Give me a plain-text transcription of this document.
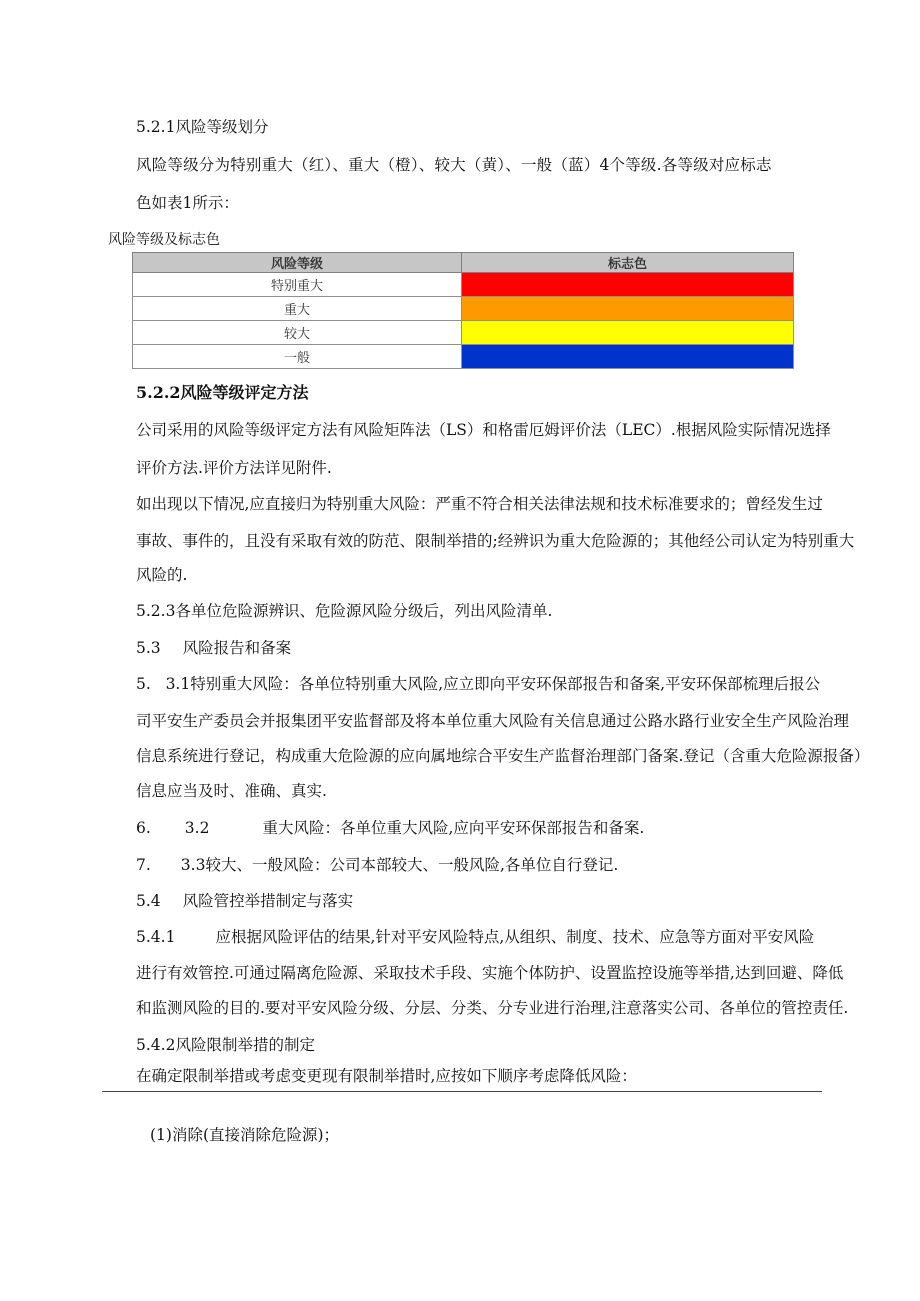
5.2.1风险等级划分
风险等级分为特别重大（红）、重大（橙）、较大（黄）、一般（蓝）4个等级.各等级对应标志
色如表1所示：
风险等级及标志色
风险等级	标志色
特别重大	
重大	
较大	
一般	
5.2.2风险等级评定方法
公司采用的风险等级评定方法有风险矩阵法（LS）和格雷厄姆评价法（LEC）.根据风险实际情况选择
评价方法.评价方法详见附件.
如出现以下情况,应直接归为特别重大风险：严重不符合相关法律法规和技术标准要求的；曾经发生过
事故、事件的，且没有采取有效的防范、限制举措的;经辨识为重大危险源的；其他经公司认定为特别重大
风险的.
5.2.3各单位危险源辨识、危险源风险分级后，列出风险清单.
5.3 风险报告和备案
5.   3.1特别重大风险：各单位特别重大风险,应立即向平安环保部报告和备案,平安环保部梳理后报公
司平安生产委员会并报集团平安监督部及将本单位重大风险有关信息通过公路水路行业安全生产风险治理
信息系统进行登记，构成重大危险源的应向属地综合平安生产监督治理部门备案.登记（含重大危险源报备）
信息应当及时、准确、真实.
6. 3.2	重大风险：各单位重大风险,应向平安环保部报告和备案.
7. 3.3较大、一般风险：公司本部较大、一般风险,各单位自行登记.
5.4 风险管控举措制定与落实
5.4.1	应根据风险评估的结果,针对平安风险特点,从组织、制度、技术、应急等方面对平安风险
进行有效管控.可通过隔离危险源、采取技术手段、实施个体防护、设置监控设施等举措,达到回避、降低
和监测风险的目的.要对平安风险分级、分层、分类、分专业进行治理,注意落实公司、各单位的管控责任.
5.4.2风险限制举措的制定
在确定限制举措或考虑变更现有限制举措时,应按如下顺序考虑降低风险：
(1)消除(直接消除危险源)；
